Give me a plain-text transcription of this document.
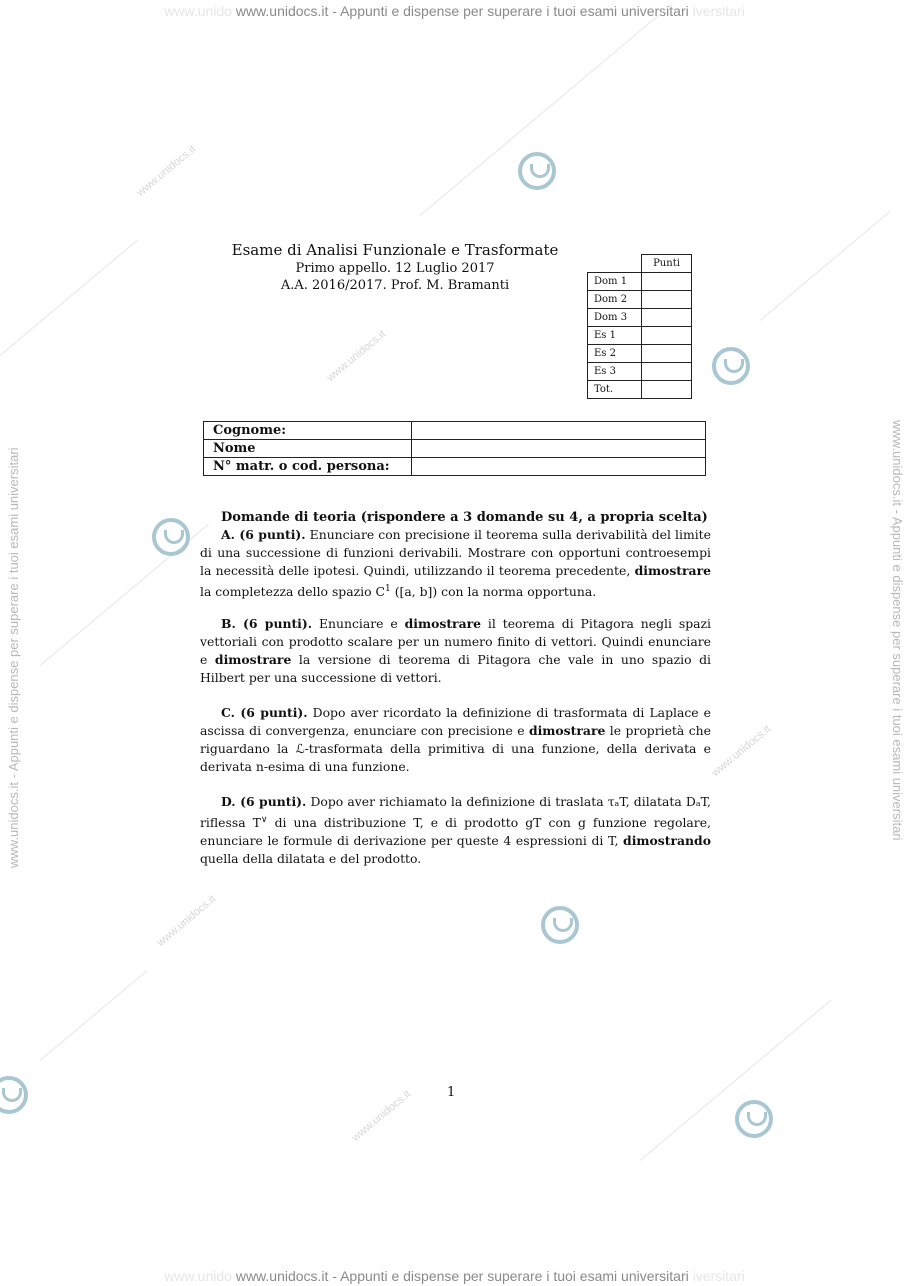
www.unido www.unidocs.it - Appunti e dispense per superare i tuoi esami universitari iversitari
www.unido www.unidocs.it - Appunti e dispense per superare i tuoi esami universitari iversitari
www.unidocs.it - Appunti e dispense per superare i tuoi esami universitari	www.unidocs.it - Appunti e dispense per superare i tuoi esami universitari
www.unidocs.it
www.unidocs.it
www.unidocs.it
www.unidocs.it
www.unidocs.it
Esame di Analisi Funzionale e Trasformate
Primo appello. 12 Luglio 2017
A.A. 2016/2017. Prof. M. Bramanti
	Punti
Dom 1	
Dom 2	
Dom 3	
Es 1	
Es 2	
Es 3	
Tot.	
Cognome:	
Nome	
N° matr. o cod. persona:	
Domande di teoria (rispondere a 3 domande su 4, a propria scelta)
A. (6 punti). Enunciare con precisione il teorema sulla derivabilità del limite di una successione di funzioni derivabili. Mostrare con opportuni controesempi la necessità delle ipotesi. Quindi, utilizzando il teorema precedente, dimostrare la completezza dello spazio $C^1$ ([a, b]) con la norma opportuna.
B. (6 punti). Enunciare e dimostrare il teorema di Pitagora negli spazi vettoriali con prodotto scalare per un numero finito di vettori. Quindi enunciare e dimostrare la versione di teorema di Pitagora che vale in uno spazio di Hilbert per una successione di vettori.
C. (6 punti). Dopo aver ricordato la definizione di trasformata di Laplace e ascissa di convergenza, enunciare con precisione e dimostrare le proprietà che riguardano la ℒ-trasformata della primitiva di una funzione, della derivata e derivata n-esima di una funzione.
D. (6 punti). Dopo aver richiamato la definizione di traslata τₐT, dilatata DₐT, riflessa T∨ di una distribuzione T, e di prodotto gT con g funzione regolare, enunciare le formule di derivazione per queste 4 espressioni di T, dimostrando quella della dilatata e del prodotto.
1
